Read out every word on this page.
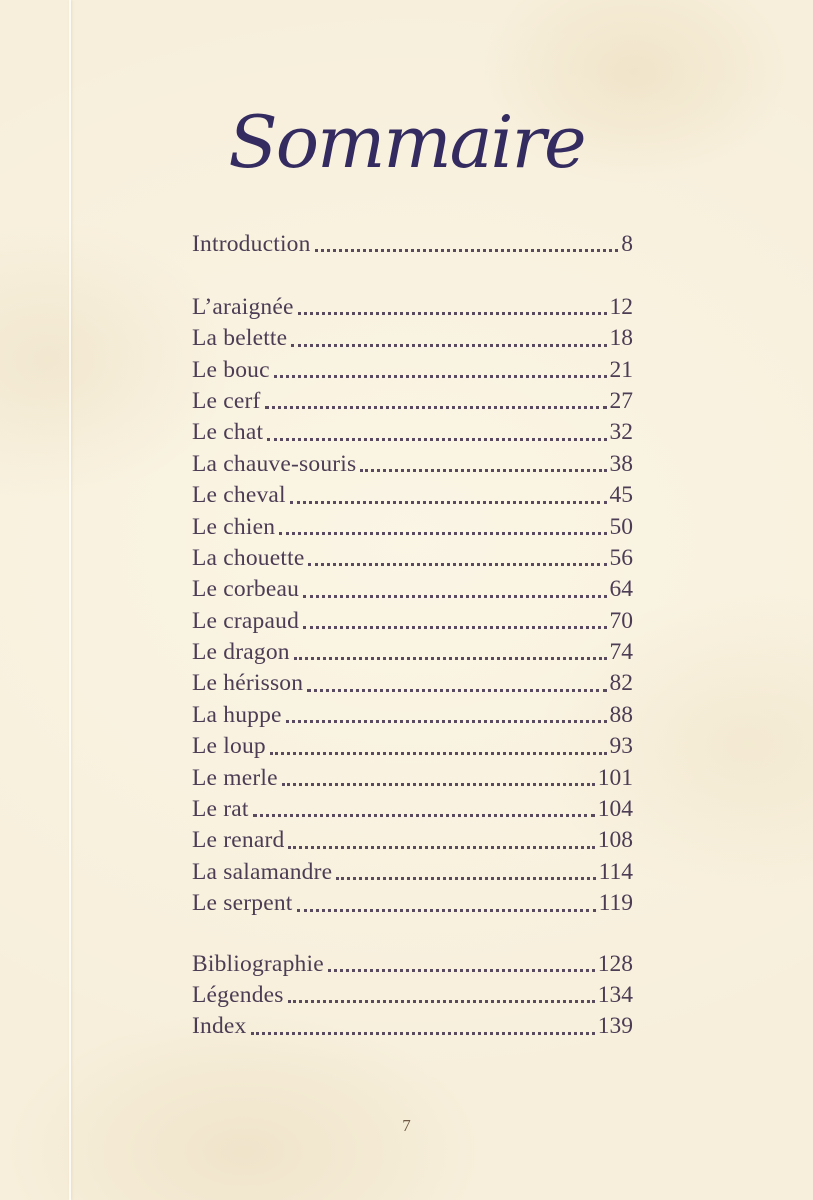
Sommaire
Introduction	8
L’araignée	12
La belette	18
Le bouc	21
Le cerf	27
Le chat	32
La chauve-souris	38
Le cheval	45
Le chien	50
La chouette	56
Le corbeau	64
Le crapaud	70
Le dragon	74
Le hérisson	82
La huppe	88
Le loup	93
Le merle	101
Le rat	104
Le renard	108
La salamandre	114
Le serpent	119
Bibliographie	128
Légendes	134
Index	139
7
